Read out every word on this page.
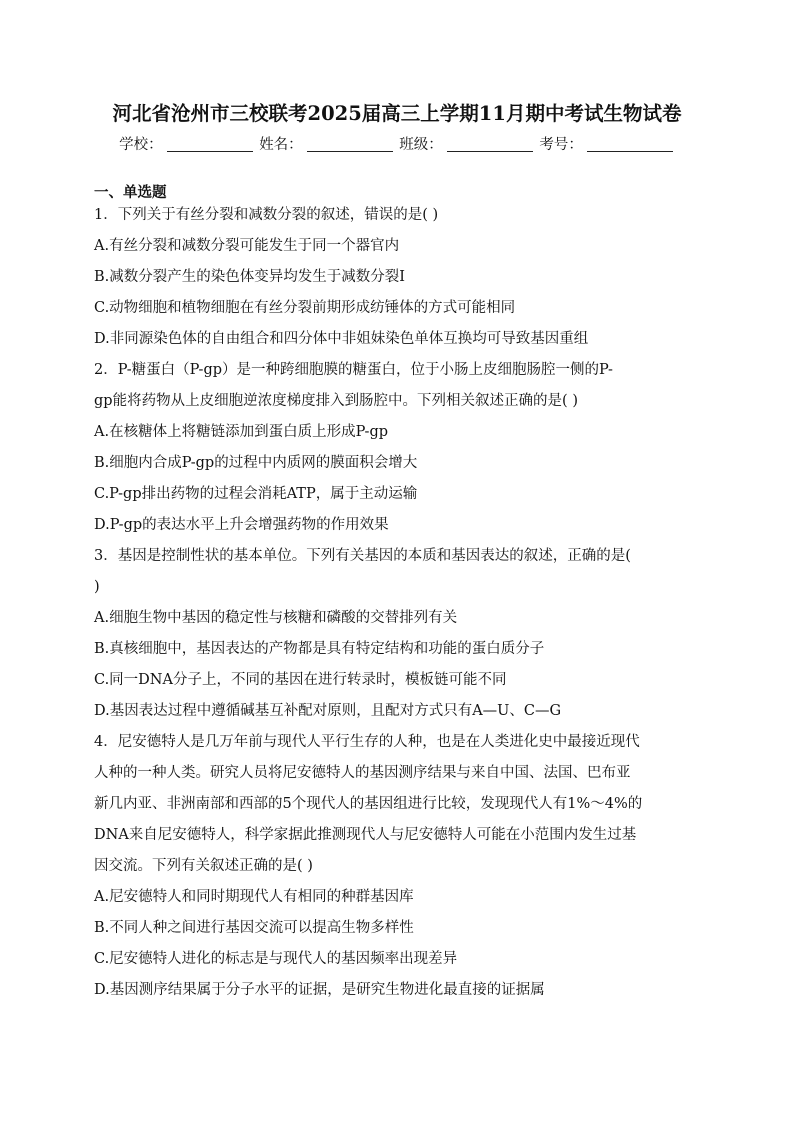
河北省沧州市三校联考2025届高三上学期11月期中考试生物试卷
学校：	姓名：	班级：	考号：
一、单选题
1．下列关于有丝分裂和减数分裂的叙述，错误的是( )
A.有丝分裂和减数分裂可能发生于同一个器官内
B.减数分裂产生的染色体变异均发生于减数分裂Ⅰ
C.动物细胞和植物细胞在有丝分裂前期形成纺锤体的方式可能相同
D.非同源染色体的自由组合和四分体中非姐妹染色单体互换均可导致基因重组
2．P-糖蛋白（P-gp）是一种跨细胞膜的糖蛋白，位于小肠上皮细胞肠腔一侧的P-
gp能将药物从上皮细胞逆浓度梯度排入到肠腔中。下列相关叙述正确的是( )
A.在核糖体上将糖链添加到蛋白质上形成P-gp
B.细胞内合成P-gp的过程中内质网的膜面积会增大
C.P-gp排出药物的过程会消耗ATP，属于主动运输
D.P-gp的表达水平上升会增强药物的作用效果
3．基因是控制性状的基本单位。下列有关基因的本质和基因表达的叙述，正确的是(
)
A.细胞生物中基因的稳定性与核糖和磷酸的交替排列有关
B.真核细胞中，基因表达的产物都是具有特定结构和功能的蛋白质分子
C.同一DNA分子上，不同的基因在进行转录时，模板链可能不同
D.基因表达过程中遵循碱基互补配对原则，且配对方式只有A—U、C—G
4．尼安德特人是几万年前与现代人平行生存的人种，也是在人类进化史中最接近现代
人种的一种人类。研究人员将尼安德特人的基因测序结果与来自中国、法国、巴布亚
新几内亚、非洲南部和西部的5个现代人的基因组进行比较，发现现代人有1%～4%的
DNA来自尼安德特人，科学家据此推测现代人与尼安德特人可能在小范围内发生过基
因交流。下列有关叙述正确的是( )
A.尼安德特人和同时期现代人有相同的种群基因库
B.不同人种之间进行基因交流可以提高生物多样性
C.尼安德特人进化的标志是与现代人的基因频率出现差异
D.基因测序结果属于分子水平的证据，是研究生物进化最直接的证据属
